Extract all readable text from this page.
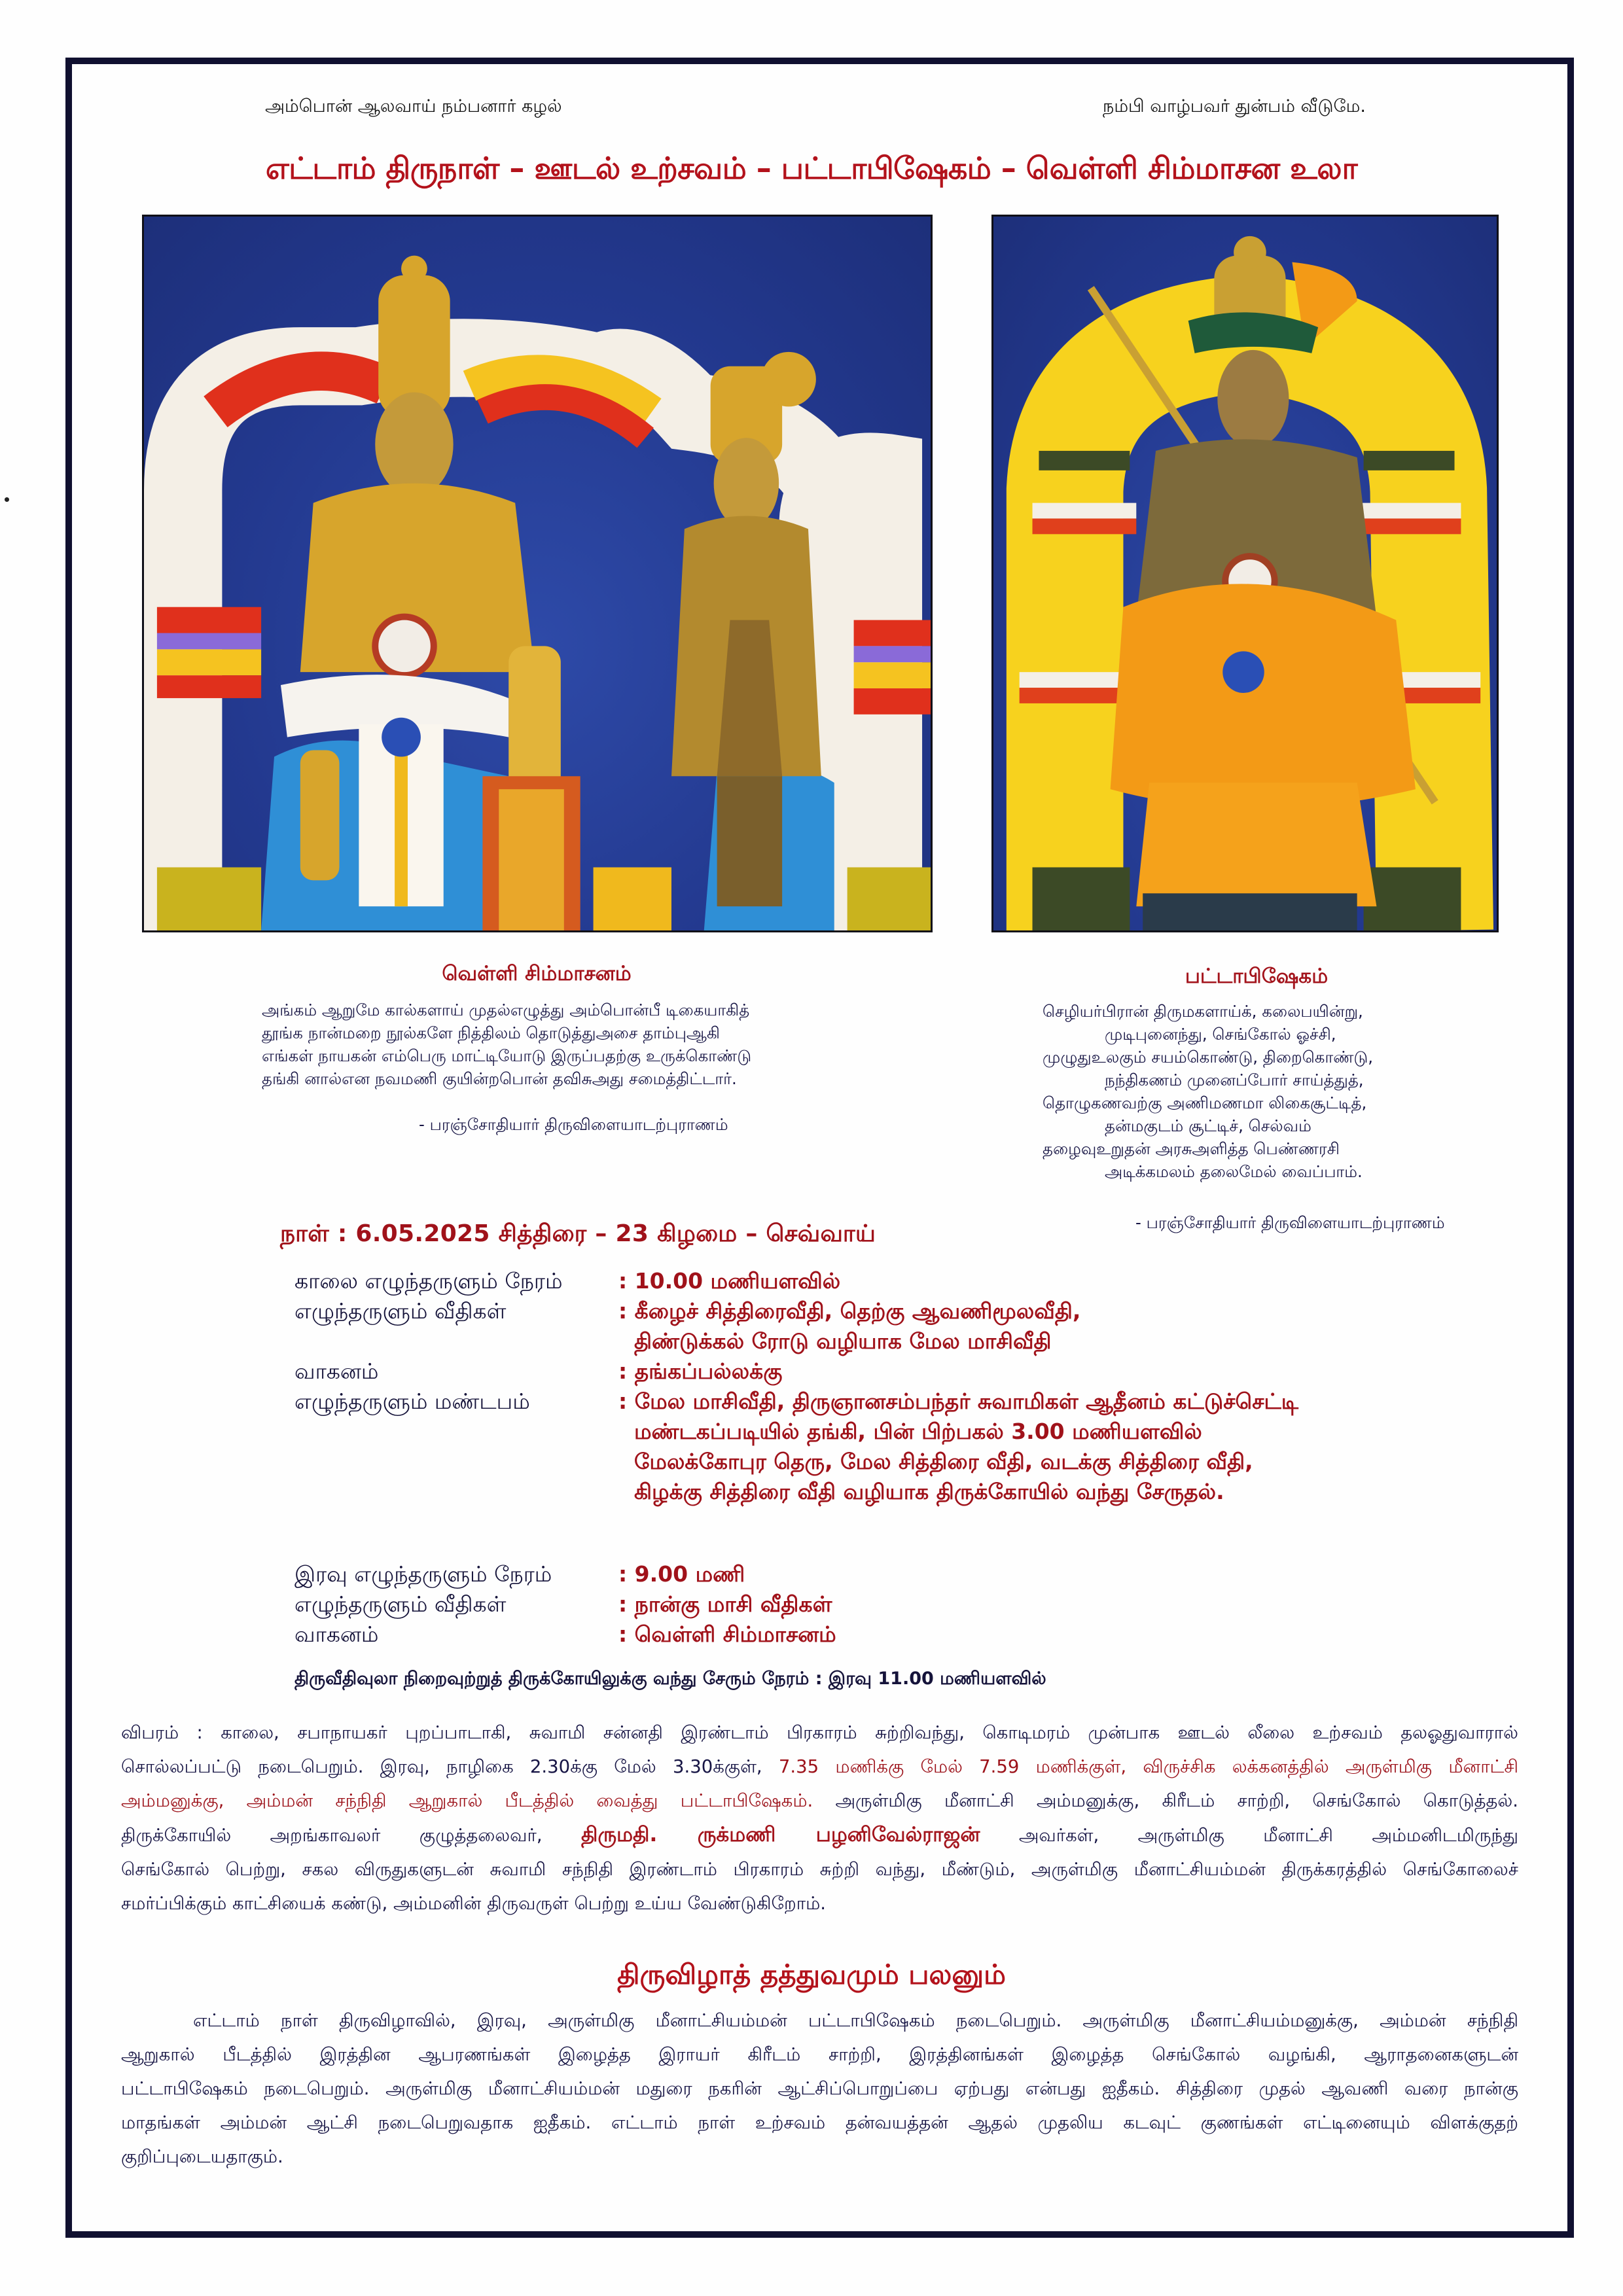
அம்பொன் ஆலவாய் நம்பனார் கழல்	நம்பி வாழ்பவர் துன்பம் வீடுமே.
எட்டாம் திருநாள் – ஊடல் உற்சவம் – பட்டாபிஷேகம் – வெள்ளி சிம்மாசன உலா
வெள்ளி சிம்மாசனம்
அங்கம் ஆறுமே கால்களாய் முதல்எழுத்து அம்பொன்பீ டிகையாகித்
தூங்க நான்மறை நூல்களே நித்திலம் தொடுத்துஅசை தாம்புஆகி
எங்கள் நாயகன் எம்பெரு மாட்டியோடு இருப்பதற்கு உருக்கொண்டு
தங்கி னால்என நவமணி குயின்றபொன் தவிசுஅது சமைத்திட்டார்.
- பரஞ்சோதியார் திருவிளையாடற்புராணம்
பட்டாபிஷேகம்
செழியர்பிரான் திருமகளாய்க், கலைபயின்று,
முடிபுனைந்து, செங்கோல் ஓச்சி,
முழுதுஉலகும் சயம்கொண்டு, திறைகொண்டு,
நந்திகணம் முனைப்போர் சாய்த்துத்,
தொழுகணவற்கு அணிமணமா லிகைசூட்டித்,
தன்மகுடம் சூட்டிச், செல்வம்
தழைவுஉறுதன் அரசுஅளித்த பெண்ணரசி
அடிக்கமலம் தலைமேல் வைப்பாம்.
- பரஞ்சோதியார் திருவிளையாடற்புராணம்
நாள் : 6.05.2025 சித்திரை – 23 கிழமை – செவ்வாய்
காலை எழுந்தருளும் நேரம்	: 10.00 மணியளவில்
எழுந்தருளும் வீதிகள்	: கீழைச் சித்திரைவீதி, தெற்கு ஆவணிமூலவீதி,
திண்டுக்கல் ரோடு வழியாக மேல மாசிவீதி
வாகனம்	: தங்கப்பல்லக்கு
எழுந்தருளும் மண்டபம்	: மேல மாசிவீதி, திருஞானசம்பந்தர் சுவாமிகள் ஆதீனம் கட்டுச்செட்டி
மண்டகப்படியில் தங்கி, பின் பிற்பகல் 3.00 மணியளவில்
மேலக்கோபுர தெரு, மேல சித்திரை வீதி, வடக்கு சித்திரை வீதி,
கிழக்கு சித்திரை வீதி வழியாக திருக்கோயில் வந்து சேருதல்.
இரவு எழுந்தருளும் நேரம்	: 9.00 மணி
எழுந்தருளும் வீதிகள்	: நான்கு மாசி வீதிகள்
வாகனம்	: வெள்ளி சிம்மாசனம்
திருவீதிவுலா நிறைவுற்றுத் திருக்கோயிலுக்கு வந்து சேரும் நேரம் : இரவு 11.00 மணியளவில்
விபரம் : காலை, சபாநாயகர் புறப்பாடாகி, சுவாமி சன்னதி இரண்டாம் பிரகாரம் சுற்றிவந்து, கொடிமரம் முன்பாக ஊடல் லீலை உற்சவம் தலஓதுவாரால்
சொல்லப்பட்டு நடைபெறும். இரவு, நாழிகை 2.30க்கு மேல் 3.30க்குள், 7.35 மணிக்கு மேல் 7.59 மணிக்குள், விருச்சிக லக்கனத்தில் அருள்மிகு மீனாட்சி
அம்மனுக்கு, அம்மன் சந்நிதி ஆறுகால் பீடத்தில் வைத்து பட்டாபிஷேகம். அருள்மிகு மீனாட்சி அம்மனுக்கு, கிரீடம் சாற்றி, செங்கோல் கொடுத்தல்.
திருக்கோயில் அறங்காவலர் குழுத்தலைவர், திருமதி. ருக்மணி பழனிவேல்ராஜன் அவர்கள், அருள்மிகு மீனாட்சி அம்மனிடமிருந்து
செங்கோல் பெற்று, சகல விருதுகளுடன் சுவாமி சந்நிதி இரண்டாம் பிரகாரம் சுற்றி வந்து, மீண்டும், அருள்மிகு மீனாட்சியம்மன் திருக்கரத்தில் செங்கோலைச்
சமர்ப்பிக்கும் காட்சியைக் கண்டு, அம்மனின் திருவருள் பெற்று உய்ய வேண்டுகிறோம்.
திருவிழாத் தத்துவமும் பலனும்
எட்டாம் நாள் திருவிழாவில், இரவு, அருள்மிகு மீனாட்சியம்மன் பட்டாபிஷேகம் நடைபெறும். அருள்மிகு மீனாட்சியம்மனுக்கு, அம்மன் சந்நிதி
ஆறுகால் பீடத்தில் இரத்தின ஆபரணங்கள் இழைத்த இராயர் கிரீடம் சாற்றி, இரத்தினங்கள் இழைத்த செங்கோல் வழங்கி, ஆராதனைகளுடன்
பட்டாபிஷேகம் நடைபெறும். அருள்மிகு மீனாட்சியம்மன் மதுரை நகரின் ஆட்சிப்பொறுப்பை ஏற்பது என்பது ஐதீகம். சித்திரை முதல் ஆவணி வரை நான்கு
மாதங்கள் அம்மன் ஆட்சி நடைபெறுவதாக ஐதீகம். எட்டாம் நாள் உற்சவம் தன்வயத்தன் ஆதல் முதலிய கடவுட் குணங்கள் எட்டினையும் விளக்குதற்
குறிப்புடையதாகும்.
